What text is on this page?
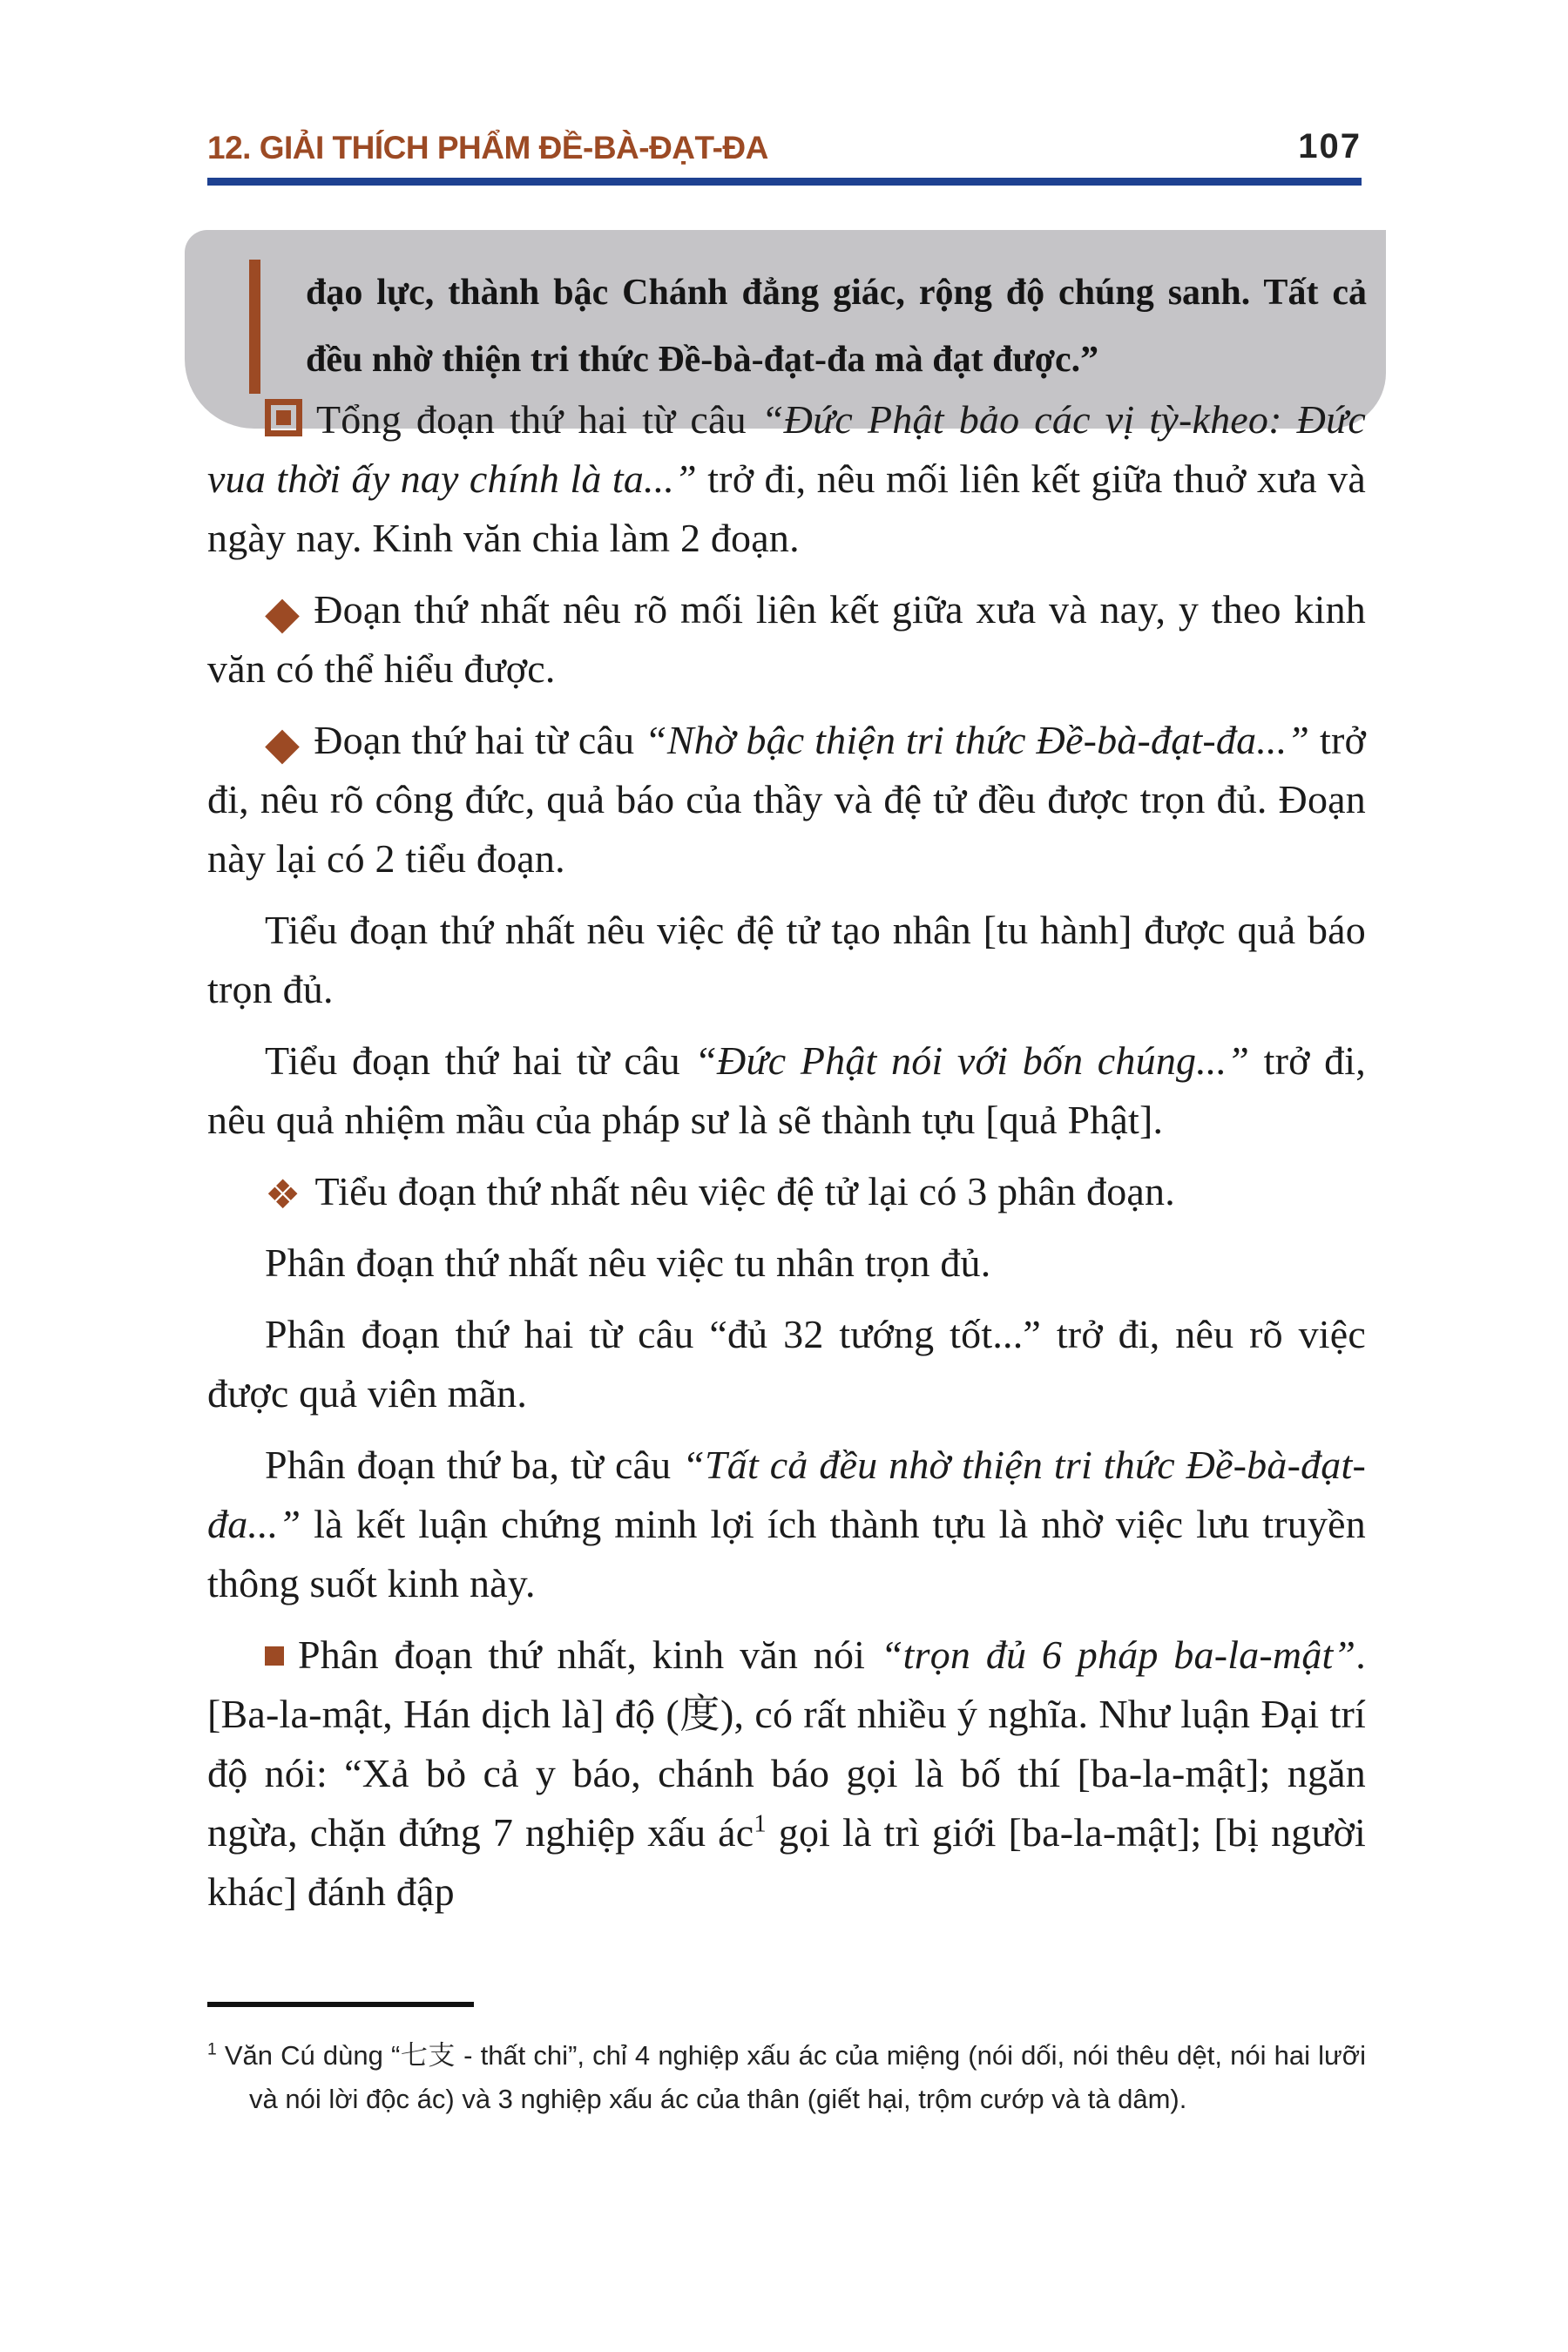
12. GIẢI THÍCH PHẨM ĐỀ-BÀ-ĐẠT-ĐA	107

đạo lực, thành bậc Chánh đẳng giác, rộng độ chúng sanh. Tất cả đều nhờ thiện tri thức Đề-bà-đạt-đa mà đạt được.”

Tổng đoạn thứ hai từ câu “Đức Phật bảo các vị tỳ-kheo: Đức vua thời ấy nay chính là ta...” trở đi, nêu mối liên kết giữa thuở xưa và ngày nay. Kinh văn chia làm 2 đoạn.

◆ Đoạn thứ nhất nêu rõ mối liên kết giữa xưa và nay, y theo kinh văn có thể hiểu được.

◆ Đoạn thứ hai từ câu “Nhờ bậc thiện tri thức Đề-bà-đạt-đa...” trở đi, nêu rõ công đức, quả báo của thầy và đệ tử đều được trọn đủ. Đoạn này lại có 2 tiểu đoạn.

Tiểu đoạn thứ nhất nêu việc đệ tử tạo nhân [tu hành] được quả báo trọn đủ.

Tiểu đoạn thứ hai từ câu “Đức Phật nói với bốn chúng...” trở đi, nêu quả nhiệm mầu của pháp sư là sẽ thành tựu [quả Phật].

❖ Tiểu đoạn thứ nhất nêu việc đệ tử lại có 3 phân đoạn.

Phân đoạn thứ nhất nêu việc tu nhân trọn đủ.

Phân đoạn thứ hai từ câu “đủ 32 tướng tốt...” trở đi, nêu rõ việc được quả viên mãn.

Phân đoạn thứ ba, từ câu “Tất cả đều nhờ thiện tri thức Đề-bà-đạt-đa...” là kết luận chứng minh lợi ích thành tựu là nhờ việc lưu truyền thông suốt kinh này.

Phân đoạn thứ nhất, kinh văn nói “trọn đủ 6 pháp ba-la-mật”. [Ba-la-mật, Hán dịch là] độ (度), có rất nhiều ý nghĩa. Như luận Đại trí độ nói: “Xả bỏ cả y báo, chánh báo gọi là bố thí [ba-la-mật]; ngăn ngừa, chặn đứng 7 nghiệp xấu $ác^1$ gọi là trì giới [ba-la-mật]; [bị người khác] đánh đập

$^1$ Văn Cú dùng “七支 - thất chi”, chỉ 4 nghiệp xấu ác của miệng (nói dối, nói thêu dệt, nói hai lưỡi và nói lời độc ác) và 3 nghiệp xấu ác của thân (giết hại, trộm cướp và tà dâm).
